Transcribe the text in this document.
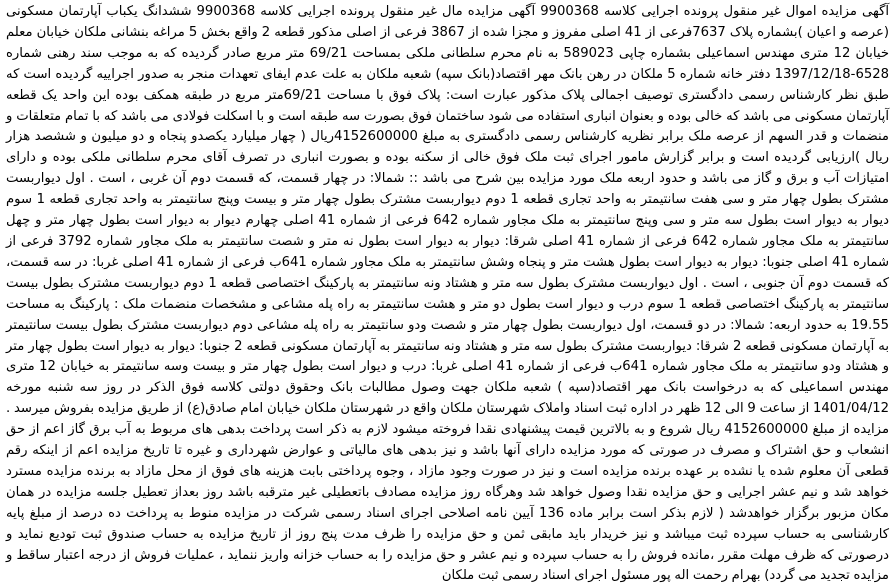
آگهی مزایده اموال غیر منقول پرونده اجرایی کلاسه 9900368 آگهی مزایده مال غیر منقول پرونده اجرایی کلاسه 9900368 ششدانگ یکباب آپارتمان مسکونی (عرصه و اعیان )بشماره پلاک 7637فرعی از 41 اصلی مفروز و مجزا شده از 3867 فرعی از اصلی مذکور قطعه 2 واقع بخش 5 مراغه بنشانی ملکان خیابان معلم خیابان 12 متری مهندس اسماعیلی بشماره چاپی 589023 به نام محرم سلطانی ملکی بمساحت 69/21 متر مربع صادر گردیده که به موجب سند رهنی شماره 6528-1397/12/18 دفتر خانه شماره 5 ملکان در رهن بانک مهر اقتصاد(بانک سپه) شعبه ملکان به علت عدم ایفای تعهدات منجر به صدور اجراییه گردیده است که طبق نظر کارشناس رسمی دادگستری توصیف اجمالی پلاک مذکور عبارت است: پلاک فوق با مساحت 69/21متر مربع در طبقه همکف بوده این واحد یک قطعه آپارتمان مسکونی می باشد که خالی بوده و بعنوان انباری استفاده می شود ساختمان فوق بصورت سه طبقه است و با اسکلت فولادی می باشد که با تمام متعلقات و منضمات و قدر السهم از عرصه ملک برابر نظریه کارشناس رسمی دادگستری به مبلغ 4152600000ریال ( چهار میلیارد یکصدو پنجاه و دو میلیون و ششصد هزار ریال )ارزیابی گردیده است و برابر گزارش مامور اجرای ثبت ملک فوق خالی از سکنه بوده و بصورت انباری در تصرف آقای محرم سلطانی ملکی بوده و دارای امتیازات آب و برق و گاز می باشد و حدود اربعه ملک مورد مزایده بین شرح می باشد :: شمالا: در چهار قسمت، که قسمت دوم آن غربی ، است . اول دیواربست مشترک بطول چهار متر و سی هفت سانتیمتر به واحد تجاری قطعه 1 دوم دیواربست مشترک بطول چهار متر و بیست وپنج سانتیمتر به واحد تجاری قطعه 1 سوم دیوار به دیوار است بطول سه متر و سی وپنج سانتیمتر به ملک مجاور شماره 642 فرعی از شماره 41 اصلی چهارم دیوار به دیوار است بطول چهار متر و چهل سانتیمتر به ملک مجاور شماره 642 فرعی از شماره 41 اصلی شرقا: دیوار به دیوار است بطول نه متر و شصت سانتیمتر به ملک مجاور شماره 3792 فرعی از شماره 41 اصلی جنوبا: دیوار به دیوار است بطول هشت متر و پنجاه وشش سانتیمتر به ملک مجاور شماره 641ب فرعی از شماره 41 اصلی غربا: در سه قسمت، که قسمت دوم آن جنوبی ، است . اول دیواربست مشترک بطول سه متر و هشتاد ونه سانتیمتر به پارکینگ اختصاصی قطعه 1 دوم دیواربست مشترک بطول بیست سانتیمتر به پارکینگ اختصاصی قطعه 1 سوم درب و دیوار است بطول دو متر و هشت سانتیمتر به راه پله مشاعی و مشخصات منضمات ملک : پارکینگ به مساحت 19.55 به حدود اربعه: شمالا: در دو قسمت، اول دیواربست بطول چهار متر و شصت ودو سانتیمتر به راه پله مشاعی دوم دیواربست مشترک بطول بیست سانتیمتر به آپارتمان مسکونی قطعه 2 شرقا: دیواربست مشترک بطول سه متر و هشتاد ونه سانتیمتر به آپارتمان مسکونی قطعه 2 جنوبا: دیوار به دیوار است بطول چهار متر و هشتاد ودو سانتیمتر به ملک مجاور شماره 641ب فرعی از شماره 41 اصلی غربا: درب و دیوار است بطول چهار متر و بیست وسه سانتیمتر به خیابان 12 متری مهندس اسماعیلی که به درخواست بانک مهر اقتصاد(سپه ) شعبه ملکان جهت وصول مطالبات بانک وحقوق دولتی کلاسه فوق الذکر در روز سه شنبه مورخه 1401/04/12 از ساعت 9 الی 12 ظهر در اداره ثبت اسناد واملاک شهرستان ملکان واقع در شهرستان ملکان خیابان امام صادق(ع) از طریق مزایده بفروش میرسد . مزایده از مبلغ 4152600000 ریال شروع و به بالاترین قیمت پیشنهادی نقدا فروخته میشود لازم به ذکر است پرداخت بدهی های مربوط به آب برق گاز اعم از حق انشعاب و حق اشتراک و مصرف در صورتی که مورد مزایده دارای آنها باشد و نیز بدهی های مالیاتی و عوارض شهرداری و غیره تا تاریخ مزایده اعم از اینکه رقم قطعی آن معلوم شده یا نشده بر عهده برنده مزایده است و نیز در صورت وجود مازاد ، وجوه پرداختی بابت هزینه های فوق از محل مازاد به برنده مزایده مسترد خواهد شد و نیم عشر اجرایی و حق مزایده نقدا وصول خواهد شد وهرگاه روز مزایده مصادف باتعطیلی غیر مترقبه باشد روز بعداز تعطیل جلسه مزایده در همان مکان مزبور برگزار خواهدشد ( لازم بذکر است برابر ماده 136 آیین نامه اصلاحی اجرای اسناد رسمی شرکت در مزایده منوط به پرداخت ده درصد از مبلغ پایه کارشناسی به حساب سپرده ثبت میباشد و نیز خریدار باید مابقی ثمن و حق مزایده را ظرف مدت پنج روز از تاریخ مزایده به حساب صندوق ثبت تودیع نماید و درصورتی که ظرف مهلت مقرر ،مانده فروش را به حساب سپرده و نیم عشر و حق مزایده را به حساب خزانه واریز ننماید ، عملیات فروش از درجه اعتبار ساقط و مزایده تجدید می گردد) بهرام رحمت اله پور مسئول اجرای اسناد رسمی ثبت ملکان
